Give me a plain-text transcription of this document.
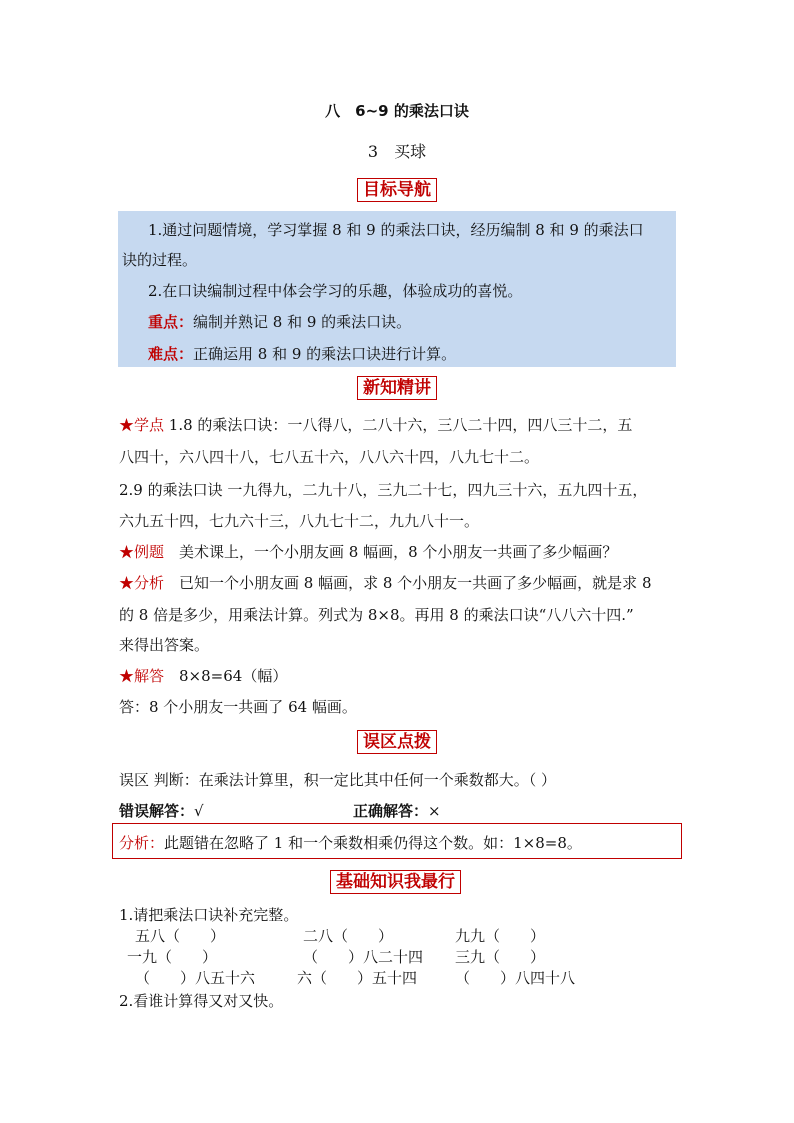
八　6~9 的乘法口诀
3　买球
目标导航
1.通过问题情境，学习掌握 8 和 9 的乘法口诀，经历编制 8 和 9 的乘法口
诀的过程。
2.在口诀编制过程中体会学习的乐趣，体验成功的喜悦。
重点：编制并熟记 8 和 9 的乘法口诀。
难点：正确运用 8 和 9 的乘法口诀进行计算。
新知精讲
★学点 1.8 的乘法口诀：一八得八，二八十六，三八二十四，四八三十二，五
八四十，六八四十八，七八五十六，八八六十四，八九七十二。
2.9 的乘法口诀 一九得九，二九十八，三九二十七，四九三十六，五九四十五，
六九五十四，七九六十三，八九七十二，九九八十一。
★例题　美术课上，一个小朋友画 8 幅画，8 个小朋友一共画了多少幅画？
★分析　已知一个小朋友画 8 幅画，求 8 个小朋友一共画了多少幅画，就是求 8
的 8 倍是多少，用乘法计算。列式为 8×8。再用 8 的乘法口诀“八八六十四.”
来得出答案。
★解答　8×8=64（幅）
答：8 个小朋友一共画了 64 幅画。
误区点拨
误区 判断：在乘法计算里，积一定比其中任何一个乘数都大。（ ）
错误解答：√	正确解答：×
分析：此题错在忽略了 1 和一个乘数相乘仍得这个数。如：1×8=8。
基础知识我最行
1.请把乘法口诀补充完整。
五八（　　）	二八（　　）	九九（　　）
一九（　　）	（　　）八二十四 三九（　　）
（　　）八五十六	六（　　）五十四	（　　）八四十八
2.看谁计算得又对又快。
